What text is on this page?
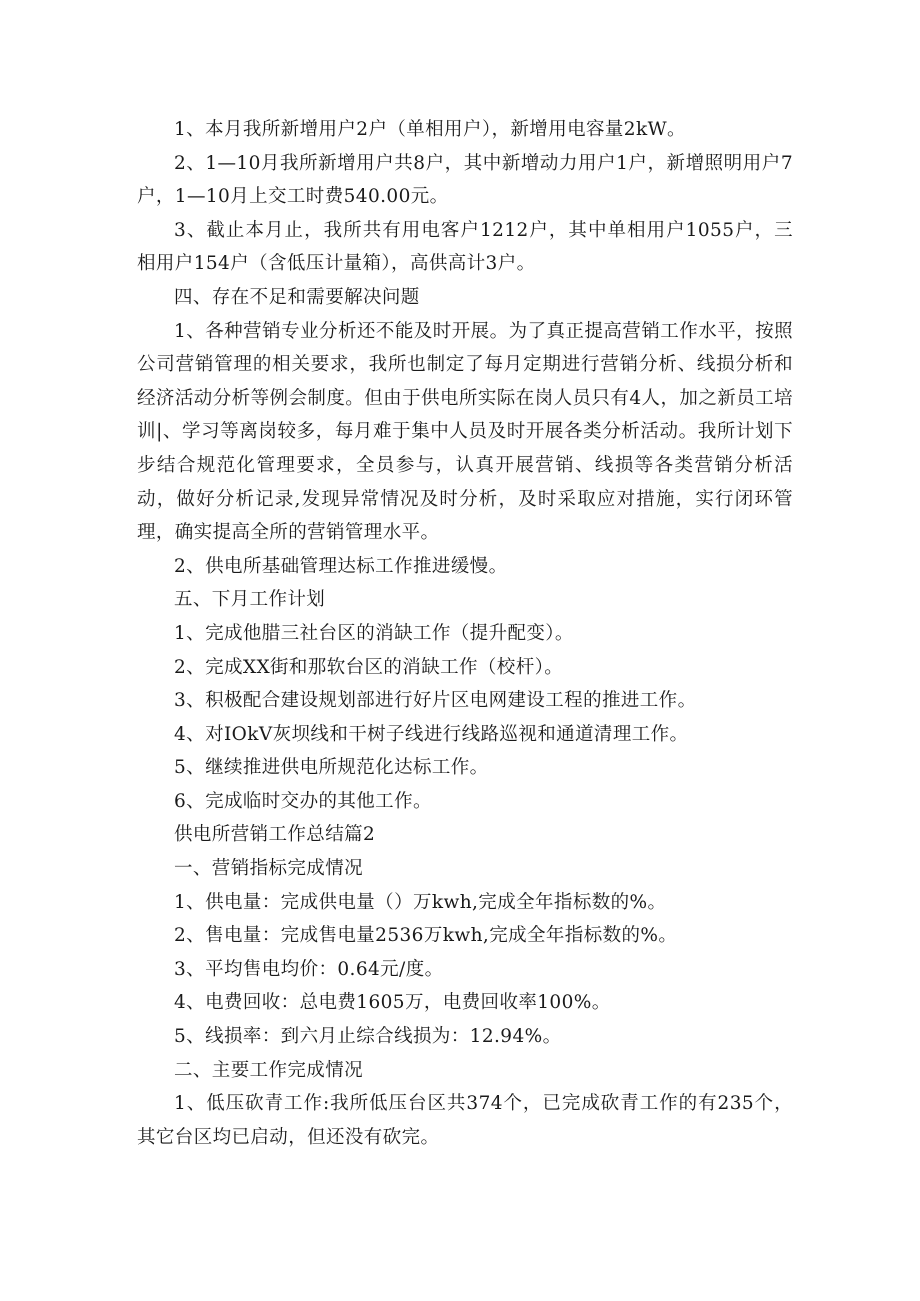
1、本月我所新增用户2户（单相用户），新增用电容量2kW。

2、1—10月我所新增用户共8户，其中新增动力用户1户，新增照明用户7户，1—10月上交工时费540.00元。

3、截止本月止，我所共有用电客户1212户，其中单相用户1055户，三相用户154户（含低压计量箱），高供高计3户。

四、存在不足和需要解决问题

1、各种营销专业分析还不能及时开展。为了真正提高营销工作水平，按照公司营销管理的相关要求，我所也制定了每月定期进行营销分析、线损分析和经济活动分析等例会制度。但由于供电所实际在岗人员只有4人，加之新员工培训|、学习等离岗较多，每月难于集中人员及时开展各类分析活动。我所计划下步结合规范化管理要求，全员参与，认真开展营销、线损等各类营销分析活动，做好分析记录,发现异常情况及时分析，及时采取应对措施，实行闭环管理，确实提高全所的营销管理水平。

2、供电所基础管理达标工作推进缓慢。

五、下月工作计划

1、完成他腊三社台区的消缺工作（提升配变）。

2、完成XX街和那软台区的消缺工作（校杆）。

3、积极配合建设规划部进行好片区电网建设工程的推进工作。

4、对IOkV灰坝线和干树子线进行线路巡视和通道清理工作。

5、继续推进供电所规范化达标工作。

6、完成临时交办的其他工作。

供电所营销工作总结篇2

一、营销指标完成情况

1、供电量：完成供电量（）万kwh,完成全年指标数的%。

2、售电量：完成售电量2536万kwh,完成全年指标数的%。

3、平均售电均价：0.64元/度。

4、电费回收：总电费1605万，电费回收率100%。

5、线损率：到六月止综合线损为：12.94%。

二、主要工作完成情况

1、低压砍青工作:我所低压台区共374个，已完成砍青工作的有235个，其它台区均已启动，但还没有砍完。
